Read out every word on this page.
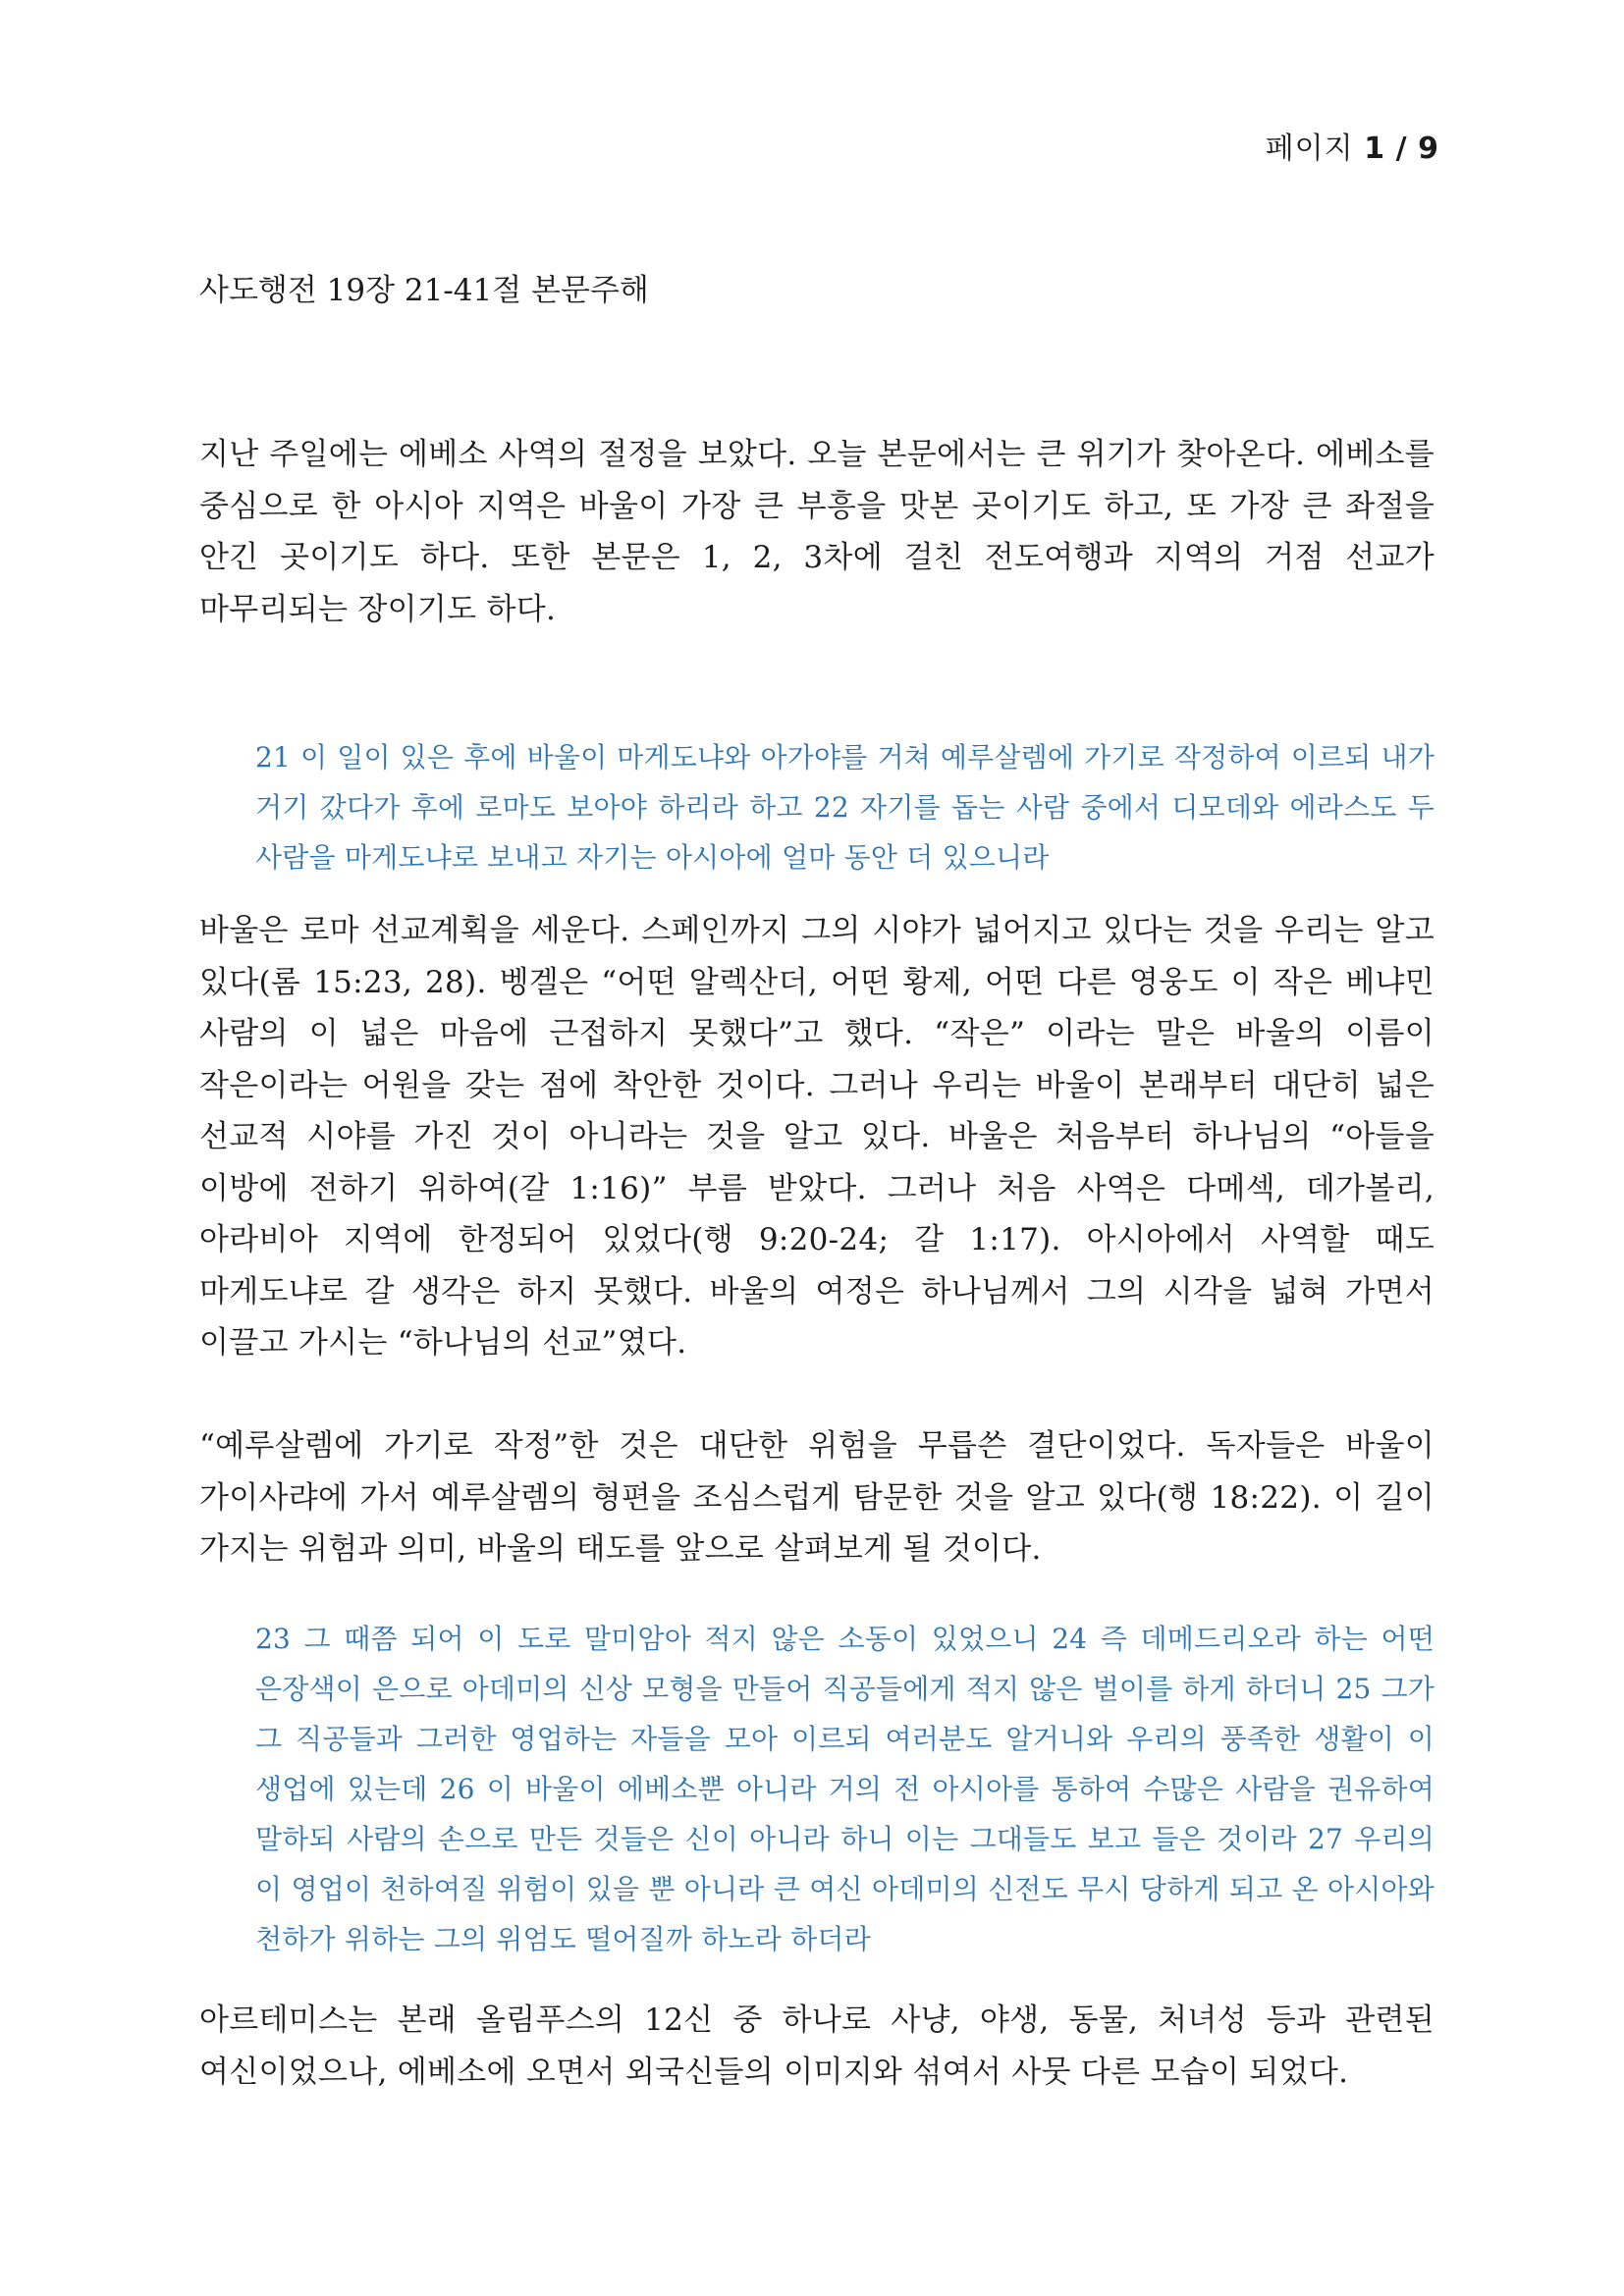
페이지 1 / 9
사도행전 19장 21-41절 본문주해

지난 주일에는 에베소 사역의 절정을 보았다. 오늘 본문에서는 큰 위기가 찾아온다. 에베소를 중심으로 한 아시아 지역은 바울이 가장 큰 부흥을 맛본 곳이기도 하고, 또 가장 큰 좌절을 안긴 곳이기도 하다. 또한 본문은 1, 2, 3차에 걸친 전도여행과 지역의 거점 선교가 마무리되는 장이기도 하다.

21 이 일이 있은 후에 바울이 마게도냐와 아가야를 거쳐 예루살렘에 가기로 작정하여 이르되 내가 거기 갔다가 후에 로마도 보아야 하리라 하고 22 자기를 돕는 사람 중에서 디모데와 에라스도 두 사람을 마게도냐로 보내고 자기는 아시아에 얼마 동안 더 있으니라

바울은 로마 선교계획을 세운다. 스페인까지 그의 시야가 넓어지고 있다는 것을 우리는 알고 있다(롬 15:23, 28). 벵겔은 “어떤 알렉산더, 어떤 황제, 어떤 다른 영웅도 이 작은 베냐민 사람의 이 넓은 마음에 근접하지 못했다”고 했다. “작은” 이라는 말은 바울의 이름이 작은이라는 어원을 갖는 점에 착안한 것이다. 그러나 우리는 바울이 본래부터 대단히 넓은 선교적 시야를 가진 것이 아니라는 것을 알고 있다. 바울은 처음부터 하나님의 “아들을 이방에 전하기 위하여(갈 1:16)” 부름 받았다. 그러나 처음 사역은 다메섹, 데가볼리, 아라비아 지역에 한정되어 있었다(행 9:20-24; 갈 1:17). 아시아에서 사역할 때도 마게도냐로 갈 생각은 하지 못했다. 바울의 여정은 하나님께서 그의 시각을 넓혀 가면서 이끌고 가시는 “하나님의 선교”였다.

“예루살렘에 가기로 작정”한 것은 대단한 위험을 무릅쓴 결단이었다. 독자들은 바울이 가이사랴에 가서 예루살렘의 형편을 조심스럽게 탐문한 것을 알고 있다(행 18:22). 이 길이 가지는 위험과 의미, 바울의 태도를 앞으로 살펴보게 될 것이다.

23 그 때쯤 되어 이 도로 말미암아 적지 않은 소동이 있었으니 24 즉 데메드리오라 하는 어떤 은장색이 은으로 아데미의 신상 모형을 만들어 직공들에게 적지 않은 벌이를 하게 하더니 25 그가 그 직공들과 그러한 영업하는 자들을 모아 이르되 여러분도 알거니와 우리의 풍족한 생활이 이 생업에 있는데 26 이 바울이 에베소뿐 아니라 거의 전 아시아를 통하여 수많은 사람을 권유하여 말하되 사람의 손으로 만든 것들은 신이 아니라 하니 이는 그대들도 보고 들은 것이라 27 우리의 이 영업이 천하여질 위험이 있을 뿐 아니라 큰 여신 아데미의 신전도 무시 당하게 되고 온 아시아와 천하가 위하는 그의 위엄도 떨어질까 하노라 하더라

아르테미스는 본래 올림푸스의 12신 중 하나로 사냥, 야생, 동물, 처녀성 등과 관련된 여신이었으나, 에베소에 오면서 외국신들의 이미지와 섞여서 사뭇 다른 모습이 되었다.
